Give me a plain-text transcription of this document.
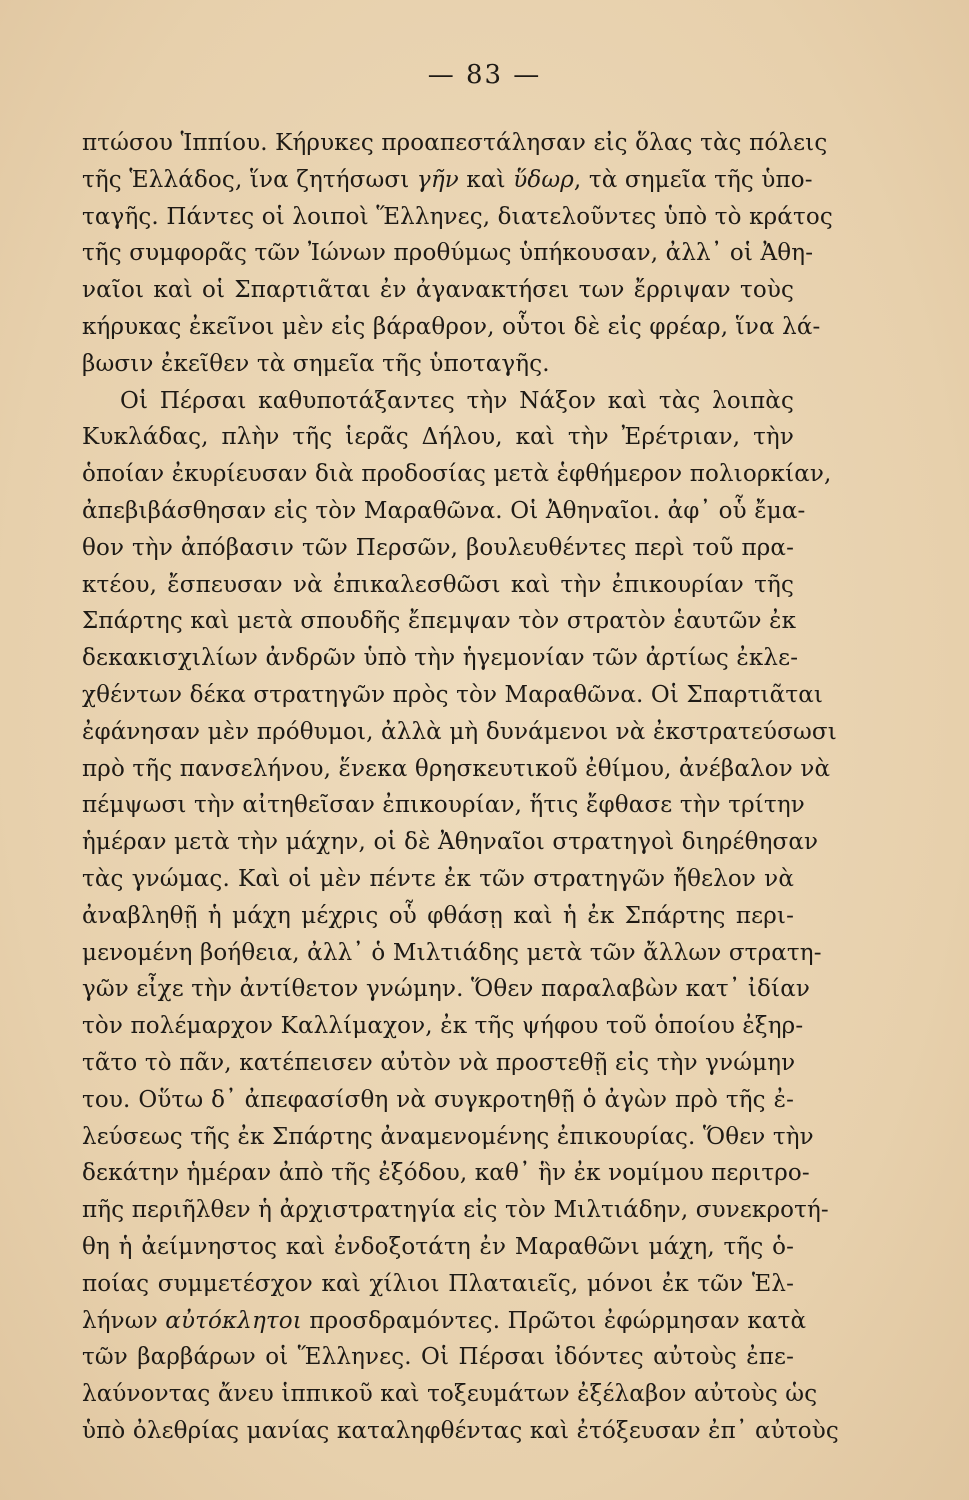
— 83 —
πτώσου Ἱππίου. Κήρυκες προαπεστάλησαν εἰς ὅλας τὰς πόλεις
τῆς Ἑλλάδος, ἵνα ζητήσωσι γῆν καὶ ὕδωρ, τὰ σημεῖα τῆς ὑπο-
ταγῆς. Πάντες οἱ λοιποὶ Ἕλληνες, διατελοῦντες ὑπὸ τὸ κράτος
τῆς συμφορᾶς τῶν Ἰώνων προθύμως ὑπήκουσαν, ἀλλ᾽ οἱ Ἀθη-
ναῖοι καὶ οἱ Σπαρτιᾶται ἐν ἀγανακτήσει των ἔρριψαν τοὺς
κήρυκας ἐκεῖνοι μὲν εἰς βάραθρον, οὗτοι δὲ εἰς φρέαρ, ἵνα λά-
βωσιν ἐκεῖθεν τὰ σημεῖα τῆς ὑποταγῆς.
Οἱ Πέρσαι καθυποτάξαντες τὴν Νάξον καὶ τὰς λοιπὰς
Κυκλάδας, πλὴν τῆς ἱερᾶς Δήλου, καὶ τὴν Ἐρέτριαν, τὴν
ὁποίαν ἐκυρίευσαν διὰ προδοσίας μετὰ ἑφθήμερον πολιορκίαν,
ἀπεβιβάσθησαν εἰς τὸν Μαραθῶνα. Οἱ Ἀθηναῖοι. ἀφ᾽ οὗ ἔμα-
θον τὴν ἀπόβασιν τῶν Περσῶν, βουλευθέντες περὶ τοῦ πρα-
κτέου, ἔσπευσαν νὰ ἐπικαλεσθῶσι καὶ τὴν ἐπικουρίαν τῆς
Σπάρτης καὶ μετὰ σπουδῆς ἔπεμψαν τὸν στρατὸν ἑαυτῶν ἐκ
δεκακισχιλίων ἀνδρῶν ὑπὸ τὴν ἡγεμονίαν τῶν ἀρτίως ἐκλε-
χθέντων δέκα στρατηγῶν πρὸς τὸν Μαραθῶνα. Οἱ Σπαρτιᾶται
ἐφάνησαν μὲν πρόθυμοι, ἀλλὰ μὴ δυνάμενοι νὰ ἐκστρατεύσωσι
πρὸ τῆς πανσελήνου, ἕνεκα θρησκευτικοῦ ἐθίμου, ἀνέβαλον νὰ
πέμψωσι τὴν αἰτηθεῖσαν ἐπικουρίαν, ἥτις ἔφθασε τὴν τρίτην
ἡμέραν μετὰ τὴν μάχην, οἱ δὲ Ἀθηναῖοι στρατηγοὶ διηρέθησαν
τὰς γνώμας. Καὶ οἱ μὲν πέντε ἐκ τῶν στρατηγῶν ἤθελον νὰ
ἀναβληθῇ ἡ μάχη μέχρις οὗ φθάσῃ καὶ ἡ ἐκ Σπάρτης περι-
μενομένη βοήθεια, ἀλλ᾽ ὁ Μιλτιάδης μετὰ τῶν ἄλλων στρατη-
γῶν εἶχε τὴν ἀντίθετον γνώμην. Ὅθεν παραλαβὼν κατ᾽ ἰδίαν
τὸν πολέμαρχον Καλλίμαχον, ἐκ τῆς ψήφου τοῦ ὁποίου ἐξηρ-
τᾶτο τὸ πᾶν, κατέπεισεν αὐτὸν νὰ προστεθῇ εἰς τὴν γνώμην
του. Οὕτω δ᾽ ἀπεφασίσθη νὰ συγκροτηθῇ ὁ ἀγὼν πρὸ τῆς ἐ-
λεύσεως τῆς ἐκ Σπάρτης ἀναμενομένης ἐπικουρίας. Ὅθεν τὴν
δεκάτην ἡμέραν ἀπὸ τῆς ἐξόδου, καθ᾽ ἣν ἐκ νομίμου περιτρο-
πῆς περιῆλθεν ἡ ἀρχιστρατηγία εἰς τὸν Μιλτιάδην, συνεκροτή-
θη ἡ ἀείμνηστος καὶ ἐνδοξοτάτη ἐν Μαραθῶνι μάχη, τῆς ὁ-
ποίας συμμετέσχον καὶ χίλιοι Πλαταιεῖς, μόνοι ἐκ τῶν Ἑλ-
λήνων αὐτόκλητοι προσδραμόντες. Πρῶτοι ἐφώρμησαν κατὰ
τῶν βαρβάρων οἱ Ἕλληνες. Οἱ Πέρσαι ἰδόντες αὐτοὺς ἐπε-
λαύνοντας ἄνευ ἱππικοῦ καὶ τοξευμάτων ἐξέλαβον αὐτοὺς ὡς
ὑπὸ ὀλεθρίας μανίας καταληφθέντας καὶ ἐτόξευσαν ἐπ᾽ αὐτοὺς
